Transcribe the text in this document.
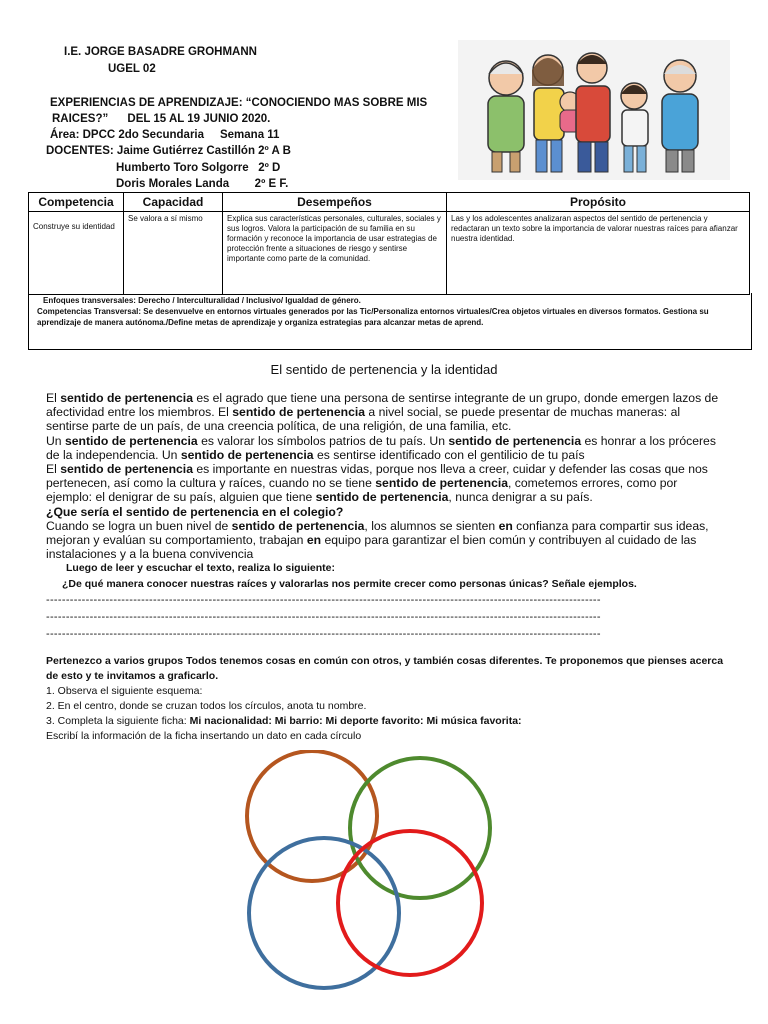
I.E. JORGE BASADRE GROHMANN
UGEL 02
EXPERIENCIAS DE APRENDIZAJE: “CONOCIENDO MAS SOBRE MIS
RAICES?”      DEL 15 AL 19 JUNIO 2020.
Área: DPCC 2do Secundaria     Semana 11
DOCENTES: Jaime Gutiérrez Castillón 2º A B
Humberto Toro Solgorre   2º D
Doris Morales Landa        2º E F.
Competencia	Capacidad	Desempeños	Propósito

Construye su identidad	Se valora a sí mismo	Explica sus características personales, culturales, sociales y sus logros. Valora la participación de su familia en su formación y reconoce la importancia de usar estrategias de protección frente a situaciones de riesgo y sentirse importante como parte de la comunidad.	Las y los adolescentes analizaran aspectos del sentido de pertenencia y redactaran un texto sobre la importancia de valorar nuestras raíces para afianzar nuestra identidad.
Enfoques transversales: Derecho / Interculturalidad / Inclusivo/ Igualdad de género.
Competencias Transversal: Se desenvuelve en entornos virtuales generados por las Tic/Personaliza entornos virtuales/Crea objetos virtuales en diversos formatos. Gestiona su aprendizaje de manera autónoma./Define metas de aprendizaje y organiza estrategias para alcanzar metas de aprend.
El sentido de pertenencia y la identidad
El sentido de pertenencia es el agrado que tiene una persona de sentirse integrante de un grupo, donde emergen lazos de afectividad entre los miembros. El sentido de pertenencia a nivel social, se puede presentar de muchas maneras: al sentirse parte de un país, de una creencia política, de una religión, de una familia, etc.
Un sentido de pertenencia es valorar los símbolos patrios de tu país. Un sentido de pertenencia es honrar a los próceres de la independencia. Un sentido de pertenencia es sentirse identificado con el gentilicio de tu país
El sentido de pertenencia es importante en nuestras vidas, porque nos lleva a creer, cuidar y defender las cosas que nos pertenecen, así como la cultura y raíces, cuando no se tiene sentido de pertenencia, cometemos errores, como por ejemplo: el denigrar de su país, alguien que tiene sentido de pertenencia, nunca denigrar a su país.
¿Que sería el sentido de pertenencia en el colegio?
Cuando se logra un buen nivel de sentido de pertenencia, los alumnos se sienten en confianza para compartir sus ideas, mejoran y evalúan su comportamiento, trabajan en equipo para garantizar el bien común y contribuyen al cuidado de las instalaciones y a la buena convivencia
Luego de leer y escuchar el texto, realiza lo siguiente:
¿De qué manera conocer nuestras raíces y valorarlas nos permite crecer como personas únicas? Señale ejemplos.
--------------------------------------------------------------------------------------------------------------------------------------------
--------------------------------------------------------------------------------------------------------------------------------------------
--------------------------------------------------------------------------------------------------------------------------------------------
Pertenezco a varios grupos Todos tenemos cosas en común con otros, y también cosas diferentes. Te proponemos que pienses acerca de esto y te invitamos a graficarlo.
1. Observa el siguiente esquema:
2. En el centro, donde se cruzan todos los círculos, anota tu nombre.
3. Completa la siguiente ficha: Mi nacionalidad: Mi barrio: Mi deporte favorito: Mi música favorita:
Escribí la información de la ficha insertando un dato en cada círculo
